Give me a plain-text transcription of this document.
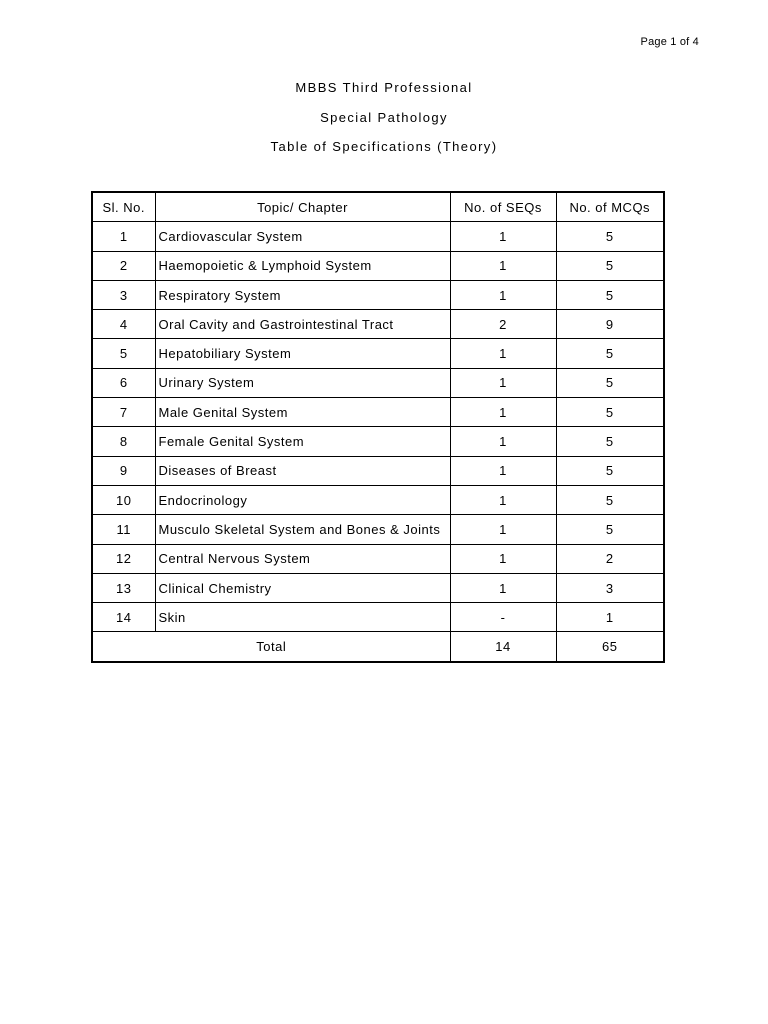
Page 1 of 4
MBBS Third Professional
Special Pathology
Table of Specifications (Theory)
Sl. No.	Topic/ Chapter	No. of SEQs	No. of MCQs
1	Cardiovascular System	1	5
2	Haemopoietic & Lymphoid System	1	5
3	Respiratory System	1	5
4	Oral Cavity and Gastrointestinal Tract	2	9
5	Hepatobiliary System	1	5
6	Urinary System	1	5
7	Male Genital System	1	5
8	Female Genital System	1	5
9	Diseases of Breast	1	5
10	Endocrinology	1	5
11	Musculo Skeletal System and Bones & Joints	1	5
12	Central Nervous System	1	2
13	Clinical Chemistry	1	3
14	Skin	-	1
Total		14	65
